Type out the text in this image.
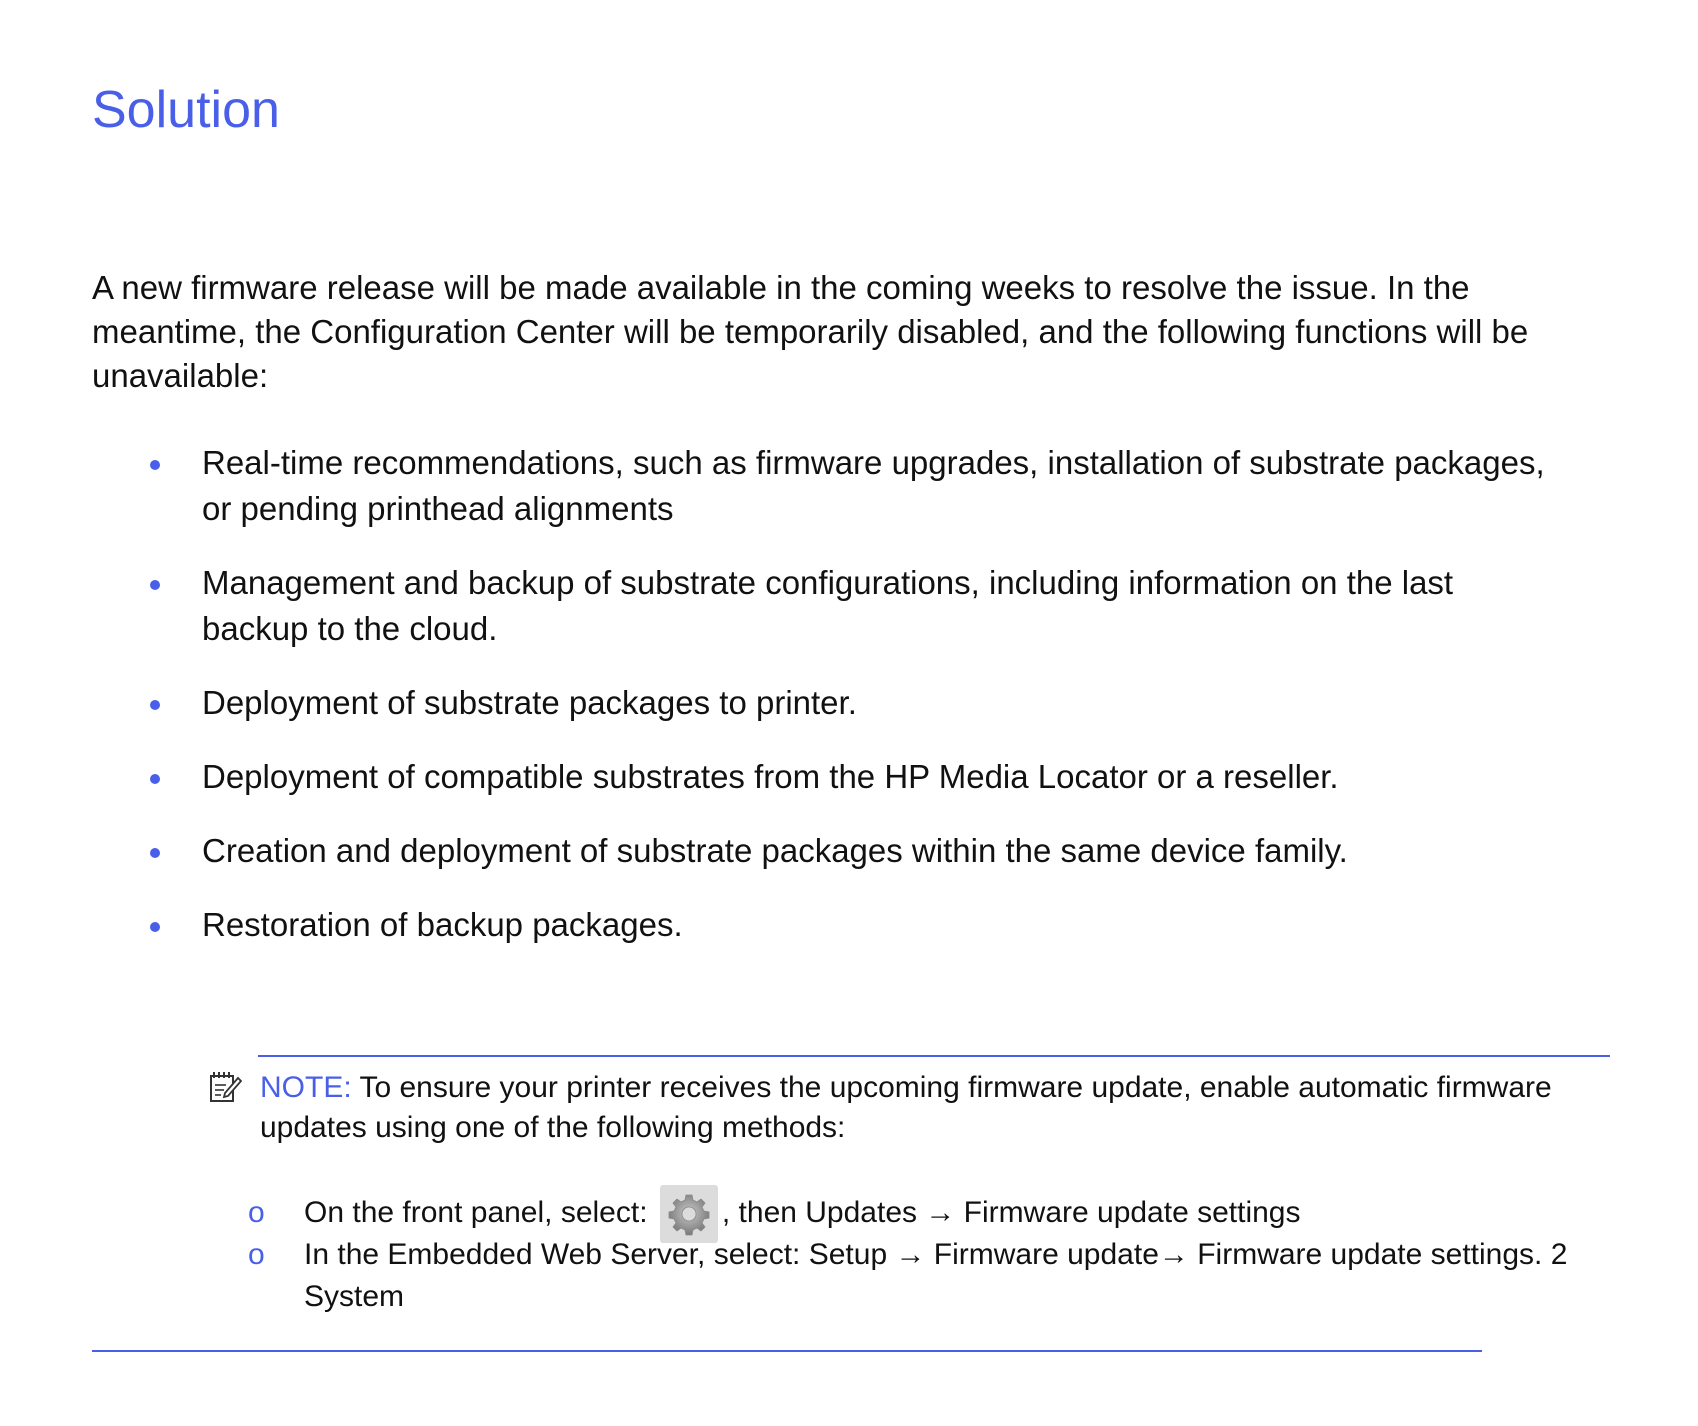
Solution

A new firmware release will be made available in the coming weeks to resolve the issue. In the meantime, the Configuration Center will be temporarily disabled, and the following functions will be unavailable:

Real-time recommendations, such as firmware upgrades, installation of substrate packages, or pending printhead alignments
Management and backup of substrate configurations, including information on the last backup to the cloud.
Deployment of substrate packages to printer.
Deployment of compatible substrates from the HP Media Locator or a reseller.
Creation and deployment of substrate packages within the same device family.
Restoration of backup packages.

NOTE: To ensure your printer receives the upcoming firmware update, enable automatic firmware updates using one of the following methods:

o On the front panel, select:
, then Updates → Firmware update settings
o In the Embedded Web Server, select: Setup → Firmware update→ Firmware update settings. 2 System
